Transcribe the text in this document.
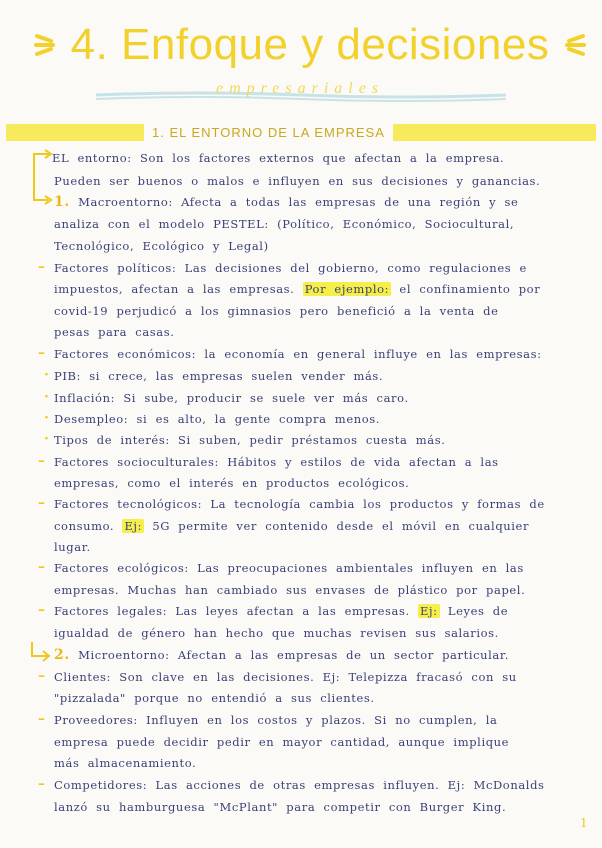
4. Enfoque y decisiones
empresariales
1. EL ENTORNO DE LA EMPRESA
EL entorno: Son los factores externos que afectan a la empresa.
Pueden ser buenos o malos e influyen en sus decisiones y ganancias.
1. Macroentorno: Afecta a todas las empresas de una región y se
analiza con el modelo PESTEL: (Político, Económico, Sociocultural,
Tecnológico, Ecológico y Legal)
– Factores políticos: Las decisiones del gobierno, como regulaciones e
impuestos, afectan a las empresas. Por ejemplo: el confinamiento por
covid-19 perjudicó a los gimnasios pero benefició a la venta de
pesas para casas.
– Factores económicos: la economía en general influye en las empresas:
· PIB: si crece, las empresas suelen vender más.
· Inflación: Si sube, producir se suele ver más caro.
· Desempleo: si es alto, la gente compra menos.
· Tipos de interés: Si suben, pedir préstamos cuesta más.
– Factores socioculturales: Hábitos y estilos de vida afectan a las
empresas, como el interés en productos ecológicos.
– Factores tecnológicos: La tecnología cambia los productos y formas de
consumo. Ej: 5G permite ver contenido desde el móvil en cualquier
lugar.
– Factores ecológicos: Las preocupaciones ambientales influyen en las
empresas. Muchas han cambiado sus envases de plástico por papel.
– Factores legales: Las leyes afectan a las empresas. Ej: Leyes de
igualdad de género han hecho que muchas revisen sus salarios.
2. Microentorno: Afectan a las empresas de un sector particular.
– Clientes: Son clave en las decisiones. Ej: Telepizza fracasó con su
"pizzalada" porque no entendió a sus clientes.
– Proveedores: Influyen en los costos y plazos. Si no cumplen, la
empresa puede decidir pedir en mayor cantidad, aunque implique
más almacenamiento.
– Competidores: Las acciones de otras empresas influyen. Ej: McDonalds
lanzó su hamburguesa "McPlant" para competir con Burger King.
1
